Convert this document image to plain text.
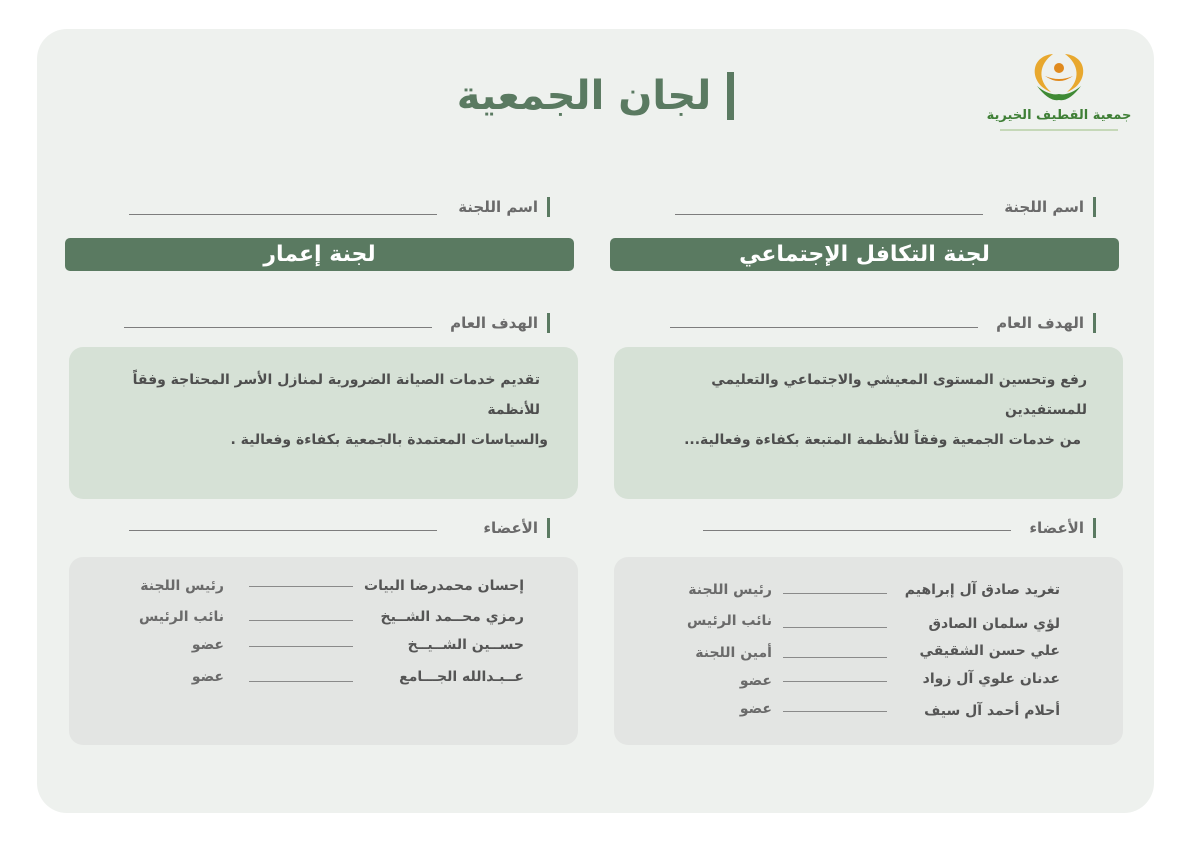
لجان الجمعية	جمعية القطيف الخيرية
اسم اللجنة
لجنة التكافل الإجتماعي
الهدف العام
رفع وتحسين المستوى المعيشي والاجتماعي والتعليمي للمستفيدين
من خدمات الجمعية وفقاً للأنظمة المتبعة بكفاءة وفعالية...
الأعضاء
تغريد صادق آل إبراهيم
رئيس اللجنة
لؤي سلمان الصادق
نائب الرئيس
علي حسن الشقيقي
أمين اللجنة
عدنان علوي آل زواد
عضو
أحلام أحمد آل سيف
عضو
اسم اللجنة
لجنة إعمار
الهدف العام
تقديم خدمات الصيانة الضرورية لمنازل الأسر المحتاجة وفقاً للأنظمة
والسياسات المعتمدة بالجمعية بكفاءة وفعالية .
الأعضاء
إحسان محمدرضا البيات
رئيس اللجنة
رمزي محــمد الشــيخ
نائب الرئيس
حســين الشــيــخ
عضو
عــبـدالله الجـــامع
عضو
